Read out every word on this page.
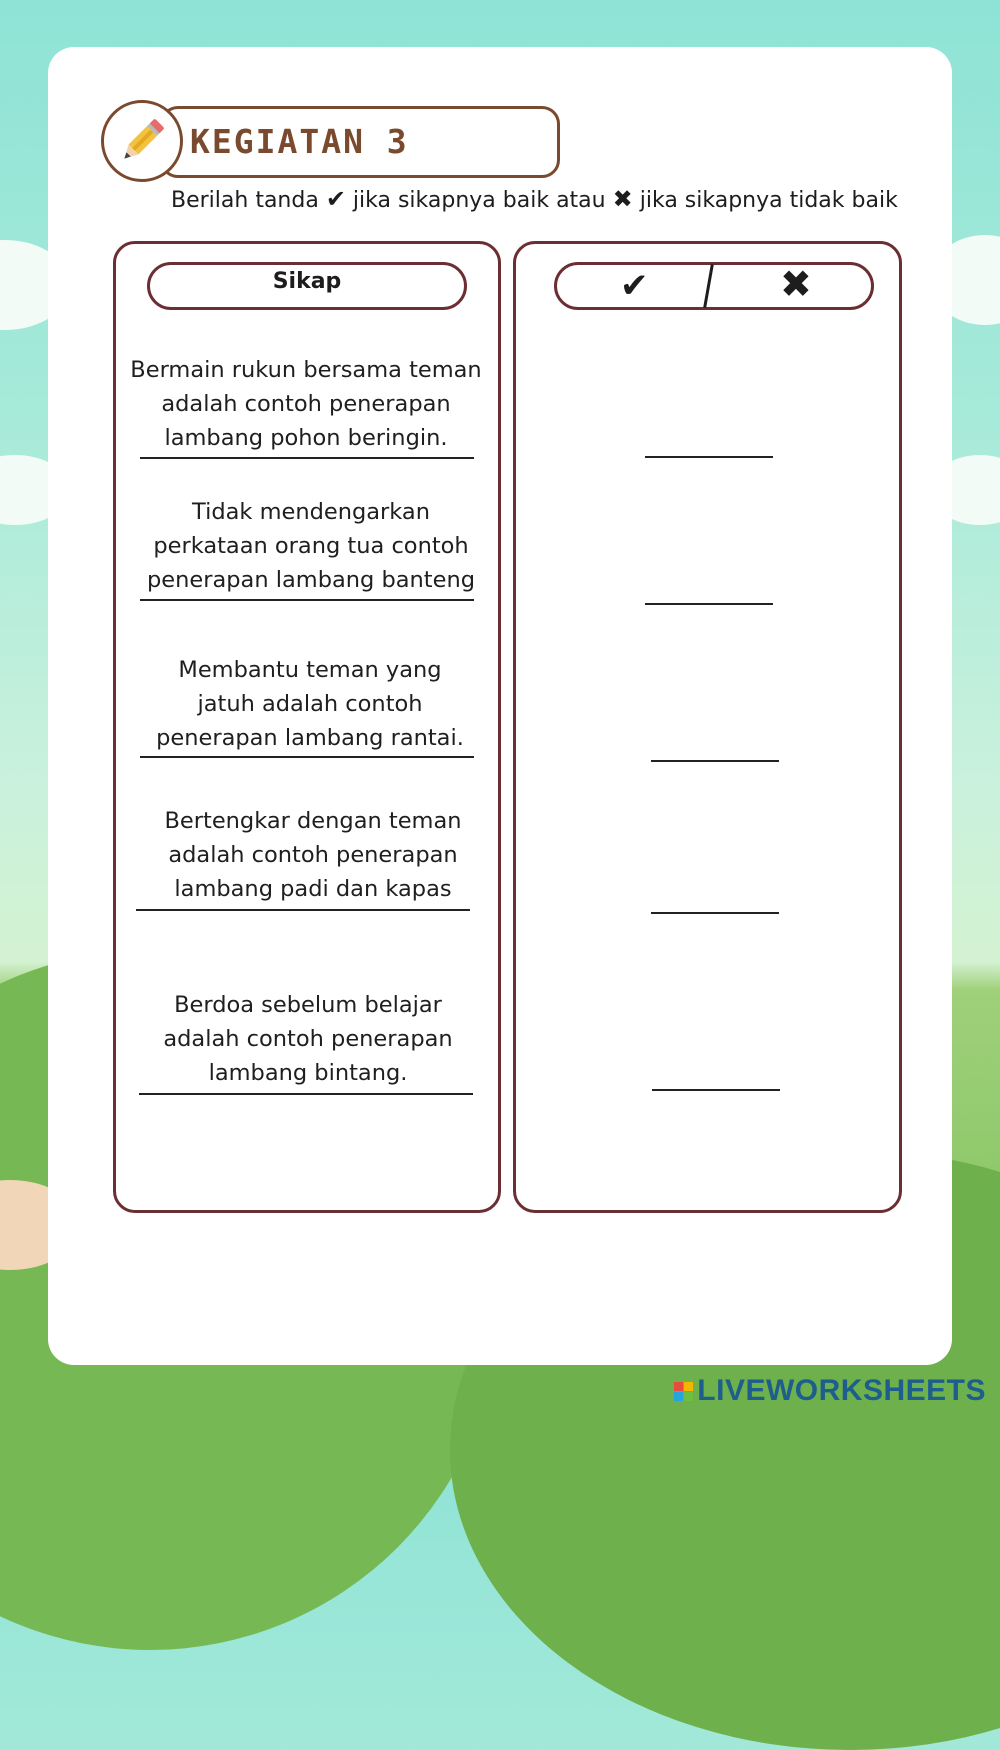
KEGIATAN 3
Berilah tanda ✔ jika sikapnya baik atau ✖ jika sikapnya tidak baik
Sikap	✔	✖
Bermain rukun bersama teman
adalah contoh penerapan
lambang pohon beringin.
Tidak mendengarkan
perkataan orang tua contoh
penerapan lambang banteng
Membantu teman yang
jatuh adalah contoh
penerapan lambang rantai.
Bertengkar dengan teman
adalah contoh penerapan
lambang padi dan kapas
Berdoa sebelum belajar
adalah contoh penerapan
lambang bintang.
LIVEWORKSHEETS
